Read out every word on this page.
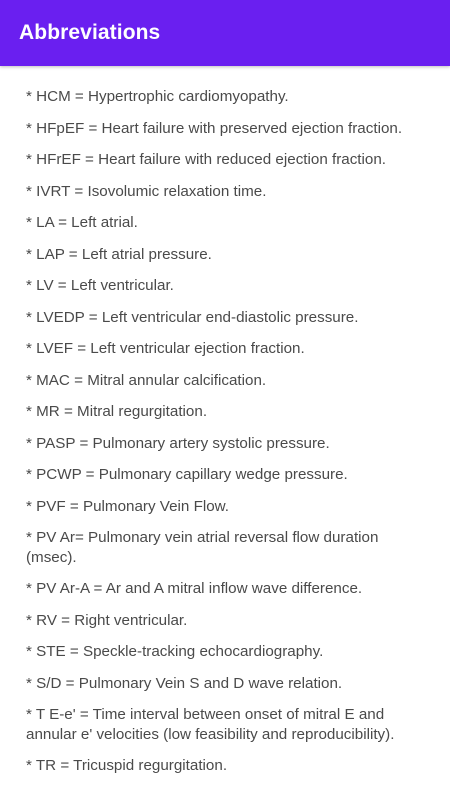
Abbreviations
* HCM = Hypertrophic cardiomyopathy.
* HFpEF = Heart failure with preserved ejection fraction.
* HFrEF = Heart failure with reduced ejection fraction.
* IVRT = Isovolumic relaxation time.
* LA = Left atrial.
* LAP = Left atrial pressure.
* LV = Left ventricular.
* LVEDP = Left ventricular end-diastolic pressure.
* LVEF = Left ventricular ejection fraction.
* MAC = Mitral annular calcification.
* MR = Mitral regurgitation.
* PASP = Pulmonary artery systolic pressure.
* PCWP = Pulmonary capillary wedge pressure.
* PVF = Pulmonary Vein Flow.
* PV Ar= Pulmonary vein atrial reversal flow duration (msec).
* PV Ar-A = Ar and A mitral inflow wave difference.
* RV = Right ventricular.
* STE = Speckle-tracking echocardiography.
* S/D = Pulmonary Vein S and D wave relation.
* T E-e' = Time interval between onset of mitral E and annular e' velocities (low feasibility and reproducibility).
* TR = Tricuspid regurgitation.
